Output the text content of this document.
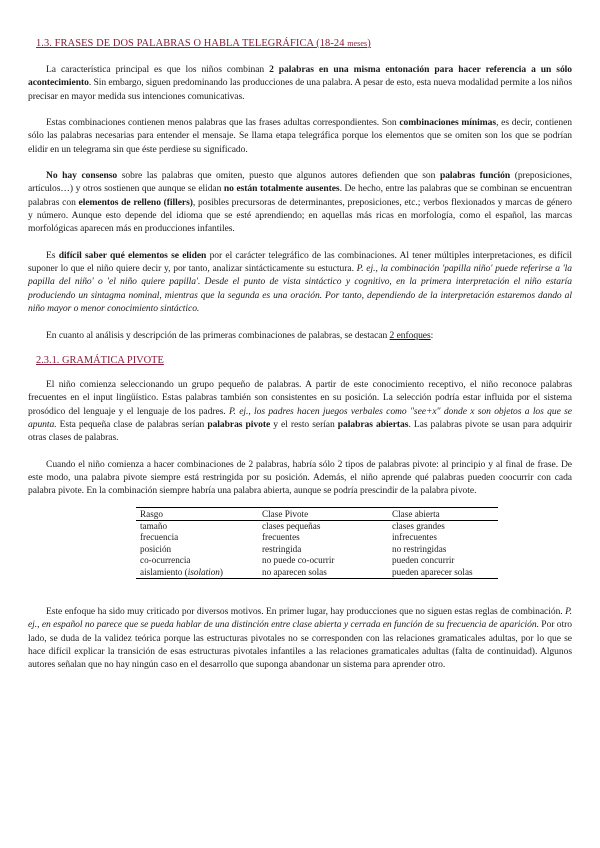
1.3. FRASES DE DOS PALABRAS O HABLA TELEGRÁFICA (18-24 meses)

La característica principal es que los niños combinan 2 palabras en una misma entonación para hacer referencia a un sólo acontecimiento. Sin embargo, siguen predominando las producciones de una palabra. A pesar de esto, esta nueva modalidad permite a los niños precisar en mayor medida sus intenciones comunicativas.

Estas combinaciones contienen menos palabras que las frases adultas correspondientes. Son combinaciones mínimas, es decir, contienen sólo las palabras necesarias para entender el mensaje. Se llama etapa telegráfica porque los elementos que se omiten son los que se podrían elidir en un telegrama sin que éste perdiese su significado.

No hay consenso sobre las palabras que omiten, puesto que algunos autores defienden que son palabras función (preposiciones, artículos…) y otros sostienen que aunque se elidan no están totalmente ausentes. De hecho, entre las palabras que se combinan se encuentran palabras con elementos de relleno (fillers), posibles precursoras de determinantes, preposiciones, etc.; verbos flexionados y marcas de género y número. Aunque esto depende del idioma que se esté aprendiendo; en aquellas más ricas en morfología, como el español, las marcas morfológicas aparecen más en producciones infantiles.

Es difícil saber qué elementos se eliden por el carácter telegráfico de las combinaciones. Al tener múltiples interpretaciones, es difícil suponer lo que el niño quiere decir y, por tanto, analizar sintácticamente su estuctura. P. ej., la combinación 'papilla niño' puede referirse a 'la papilla del niño' o 'el niño quiere papilla'. Desde el punto de vista sintáctico y cognitivo, en la primera interpretación el niño estaría produciendo un sintagma nominal, mientras que la segunda es una oración. Por tanto, dependiendo de la interpretación estaremos dando al niño mayor o menor conocimiento sintáctico.

En cuanto al análisis y descripción de las primeras combinaciones de palabras, se destacan 2 enfoques:

2.3.1. GRAMÁTICA PIVOTE

El niño comienza seleccionando un grupo pequeño de palabras. A partir de este conocimiento receptivo, el niño reconoce palabras frecuentes en el input lingüístico. Estas palabras también son consistentes en su posición. La selección podría estar influida por el sistema prosódico del lenguaje y el lenguaje de los padres. P. ej., los padres hacen juegos verbales como "see+x" donde x son objetos a los que se apunta. Esta pequeña clase de palabras serían palabras pivote y el resto serían palabras abiertas. Las palabras pivote se usan para adquirir otras clases de palabras.

Cuando el niño comienza a hacer combinaciones de 2 palabras, habría sólo 2 tipos de palabras pivote: al principio y al final de frase. De este modo, una palabra pivote siempre está restringida por su posición. Además, el niño aprende qué palabras pueden coocurrir con cada palabra pivote. En la combinación siempre habría una palabra abierta, aunque se podría prescindir de la palabra pivote.

Rasgo	Clase Pivote	Clase abierta
tamaño	clases pequeñas	clases grandes
frecuencia	frecuentes	infrecuentes
posición	restringida	no restringidas
co-ocurrencia	no puede co-ocurrir	pueden concurrir
aislamiento (isolation)	no aparecen solas	pueden aparecer solas

Este enfoque ha sido muy criticado por diversos motivos. En primer lugar, hay producciones que no siguen estas reglas de combinación. P. ej., en español no parece que se pueda hablar de una distinción entre clase abierta y cerrada en función de su frecuencia de aparición. Por otro lado, se duda de la validez teórica porque las estructuras pivotales no se corresponden con las relaciones gramaticales adultas, por lo que se hace difícil explicar la transición de esas estructuras pivotales infantiles a las relaciones gramaticales adultas (falta de continuidad). Algunos autores señalan que no hay ningún caso en el desarrollo que suponga abandonar un sistema para aprender otro.
